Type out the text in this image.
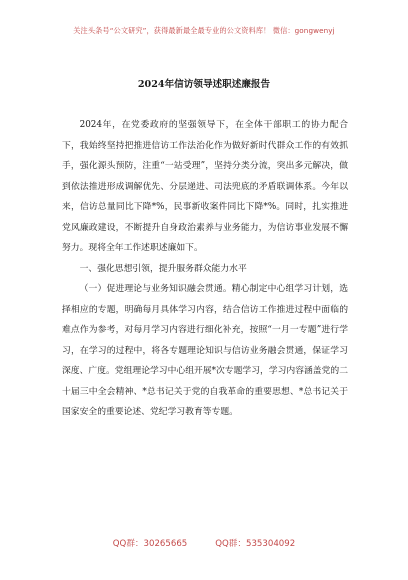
关注头条号“公文研究”，获得最新最全最专业的公文资料库！ 微信：gongwenyj
2024年信访领导述职述廉报告

2024年，在党委政府的坚强领导下，在全体干部职工的协力配合下，我始终坚持把推进信访工作法治化作为做好新时代群众工作的有效抓手，强化源头预防，注重“一站受理”，坚持分类分流，突出多元解决，做到依法推进形成调解优先、分层递进、司法兜底的矛盾联调体系。今年以来，信访总量同比下降*%，民事新收案件同比下降*%。同时，扎实推进党风廉政建设，不断提升自身政治素养与业务能力，为信访事业发展不懈努力。现将全年工作述职述廉如下。

一、强化思想引领，提升服务群众能力水平

（一）促进理论与业务知识融会贯通。精心制定中心组学习计划，选择相应的专题，明确每月具体学习内容，结合信访工作推进过程中面临的难点作为参考，对每月学习内容进行细化补充，按照“一月一专题”进行学习，在学习的过程中，将各专题理论知识与信访业务融会贯通，保证学习深度、广度。党组理论学习中心组开展*次专题学习，学习内容涵盖党的二十届三中全会精神、*总书记关于党的自我革命的重要思想、*总书记关于国家安全的重要论述、党纪学习教育等专题。

QQ群：30265665	QQ群：535304092
